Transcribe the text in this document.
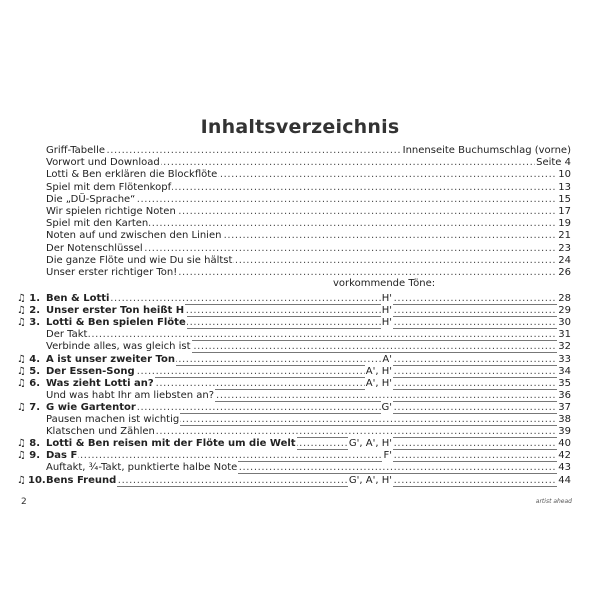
Inhaltsverzeichnis
.....
Griff-Tabelle	Innenseite Buchumschlag (vorne)
.....
Vorwort und Download	Seite 4
.....
Lotti & Ben erklären die Blockflöte	10
.....
Spiel mit dem Flötenkopf	13
.....
Die „DÜ-Sprache“	15
.....
Wir spielen richtige Noten	17
.....
Spiel mit den Karten	19
.....
Noten auf und zwischen den Linien	21
.....
Der Notenschlüssel	23
.....
Die ganze Flöte und wie Du sie hältst	24
.....
Unser erster richtiger Ton!	26
♫ 1. ..... Ben & Lotti	H'	28
♫ 2. ..... Unser erster Ton heißt H	H'	29
♫ 3. ..... Lotti & Ben spielen Flöte	H'	30
.....
Der Takt	31
.....
Verbinde alles, was gleich ist	32
♫ 4. ..... A ist unser zweiter Ton	A'	33
♫ 5. ..... Der Essen-Song	A', H'	34
♫ 6. ..... Was zieht Lotti an?	A', H'	35
.....
Und was habt Ihr am liebsten an?	36
♫ 7. ..... G wie Gartentor	G'	37
.....
Pausen machen ist wichtig	38
.....
Klatschen und Zählen	39
♫ 8. ..... Lotti & Ben reisen mit der Flöte um die Welt	G', A', H'	40
♫ 9. ..... Das F	F'	42
.....
Auftakt, ¾-Takt, punktierte halbe Note	43
♫ 10. ..... Bens Freund	G', A', H'	44
vorkommende Töne:
2	artist ahead
